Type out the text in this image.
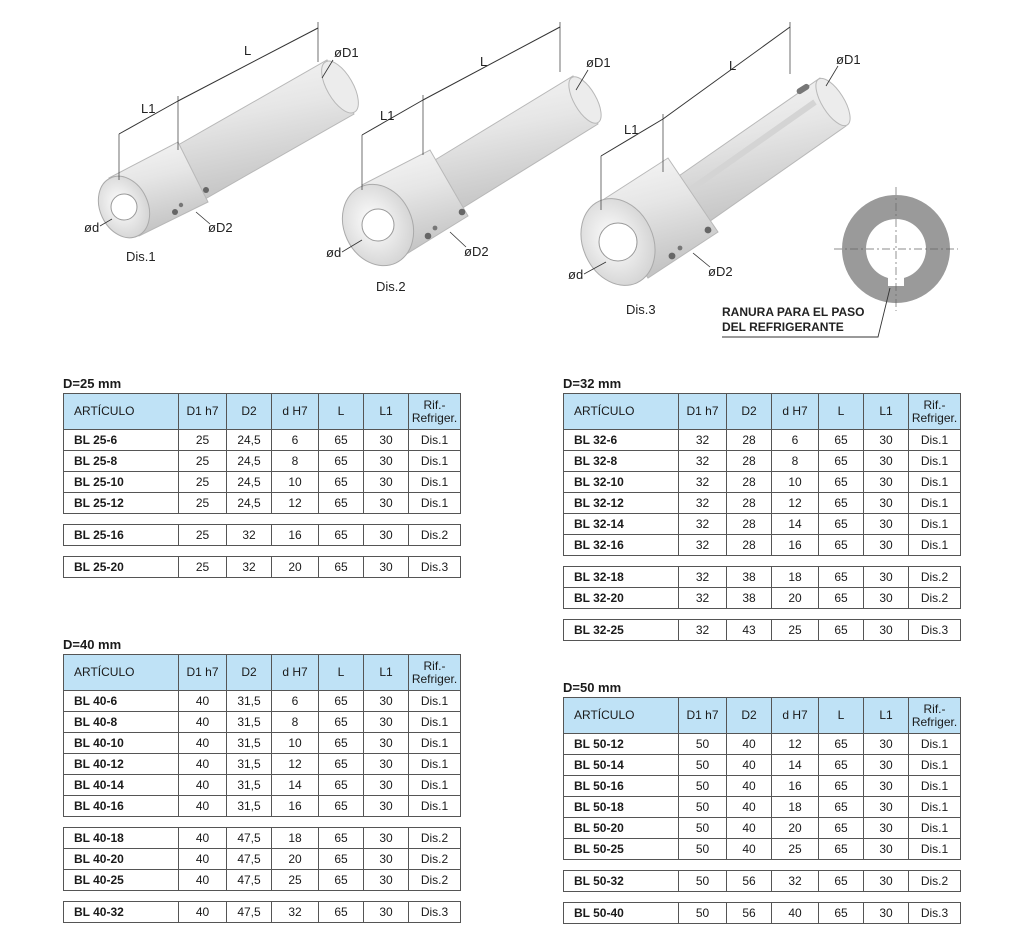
L
L1
øD1
ød	øD2
Dis.1
L
L1
øD1
ød	øD2
Dis.2
L
L1
øD1
ød	øD2
Dis.3	RANURA PARA EL PASO
DEL REFRIGERANTE
D=25 mm
ARTÍCULO	D1 h7	D2	d H7	L	L1	Rif.-
Refriger.
BL 25-6	25	24,5	6	65	30	Dis.1
BL 25-8	25	24,5	8	65	30	Dis.1
BL 25-10	25	24,5	10	65	30	Dis.1
BL 25-12	25	24,5	12	65	30	Dis.1

BL 25-16	25	32	16	65	30	Dis.2

BL 25-20	25	32	20	65	30	Dis.3
D=32 mm
ARTÍCULO	D1 h7	D2	d H7	L	L1	Rif.-
Refriger.
BL 32-6	32	28	6	65	30	Dis.1
BL 32-8	32	28	8	65	30	Dis.1
BL 32-10	32	28	10	65	30	Dis.1
BL 32-12	32	28	12	65	30	Dis.1
BL 32-14	32	28	14	65	30	Dis.1
BL 32-16	32	28	16	65	30	Dis.1

BL 32-18	32	38	18	65	30	Dis.2
BL 32-20	32	38	20	65	30	Dis.2

BL 32-25	32	43	25	65	30	Dis.3
D=40 mm
ARTÍCULO	D1 h7	D2	d H7	L	L1	Rif.-
Refriger.
BL 40-6	40	31,5	6	65	30	Dis.1
BL 40-8	40	31,5	8	65	30	Dis.1
BL 40-10	40	31,5	10	65	30	Dis.1
BL 40-12	40	31,5	12	65	30	Dis.1
BL 40-14	40	31,5	14	65	30	Dis.1
BL 40-16	40	31,5	16	65	30	Dis.1

BL 40-18	40	47,5	18	65	30	Dis.2
BL 40-20	40	47,5	20	65	30	Dis.2
BL 40-25	40	47,5	25	65	30	Dis.2

BL 40-32	40	47,5	32	65	30	Dis.3
D=50 mm
ARTÍCULO	D1 h7	D2	d H7	L	L1	Rif.-
Refriger.
BL 50-12	50	40	12	65	30	Dis.1
BL 50-14	50	40	14	65	30	Dis.1
BL 50-16	50	40	16	65	30	Dis.1
BL 50-18	50	40	18	65	30	Dis.1
BL 50-20	50	40	20	65	30	Dis.1
BL 50-25	50	40	25	65	30	Dis.1

BL 50-32	50	56	32	65	30	Dis.2

BL 50-40	50	56	40	65	30	Dis.3
